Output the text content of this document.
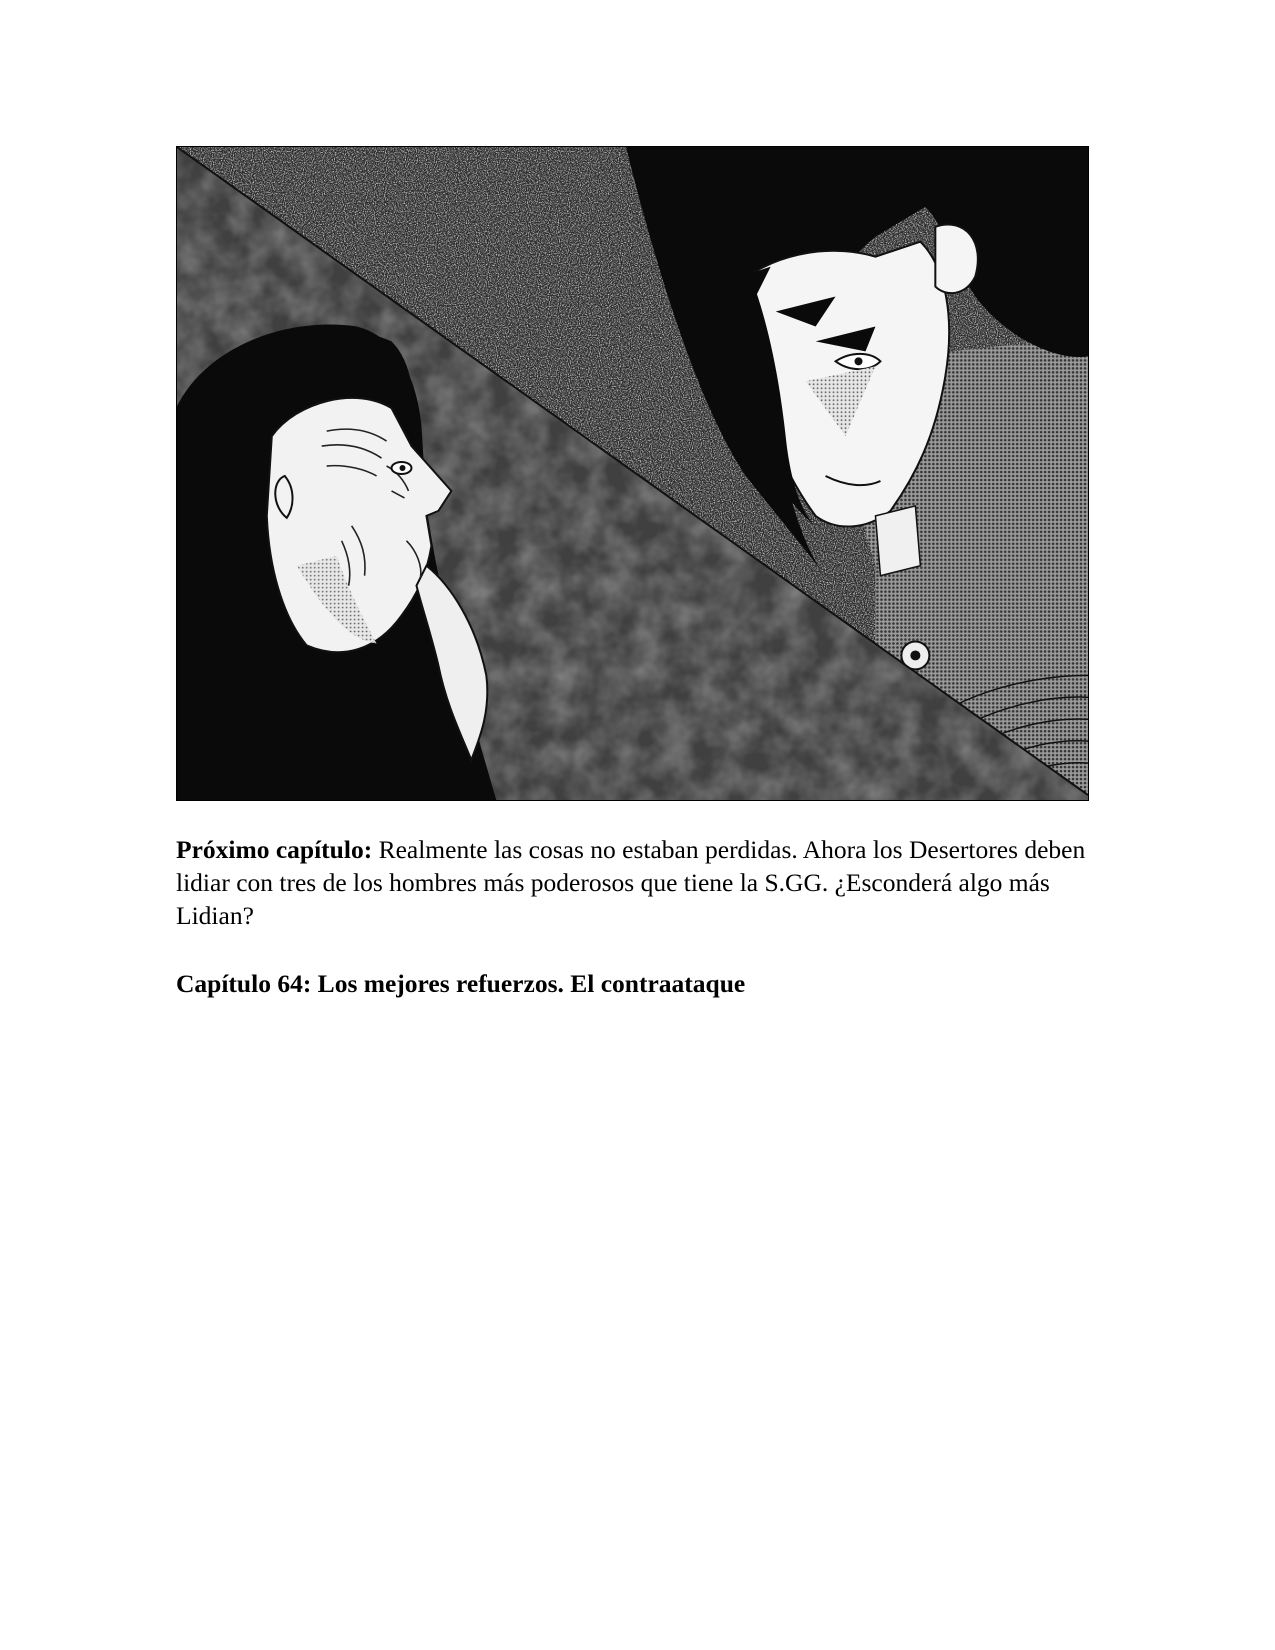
Próximo capítulo: Realmente las cosas no estaban perdidas. Ahora los Desertores deben lidiar con tres de los hombres más poderosos que tiene la S.GG. ¿Esconderá algo más Lidian?

Capítulo 64: Los mejores refuerzos. El contraataque
